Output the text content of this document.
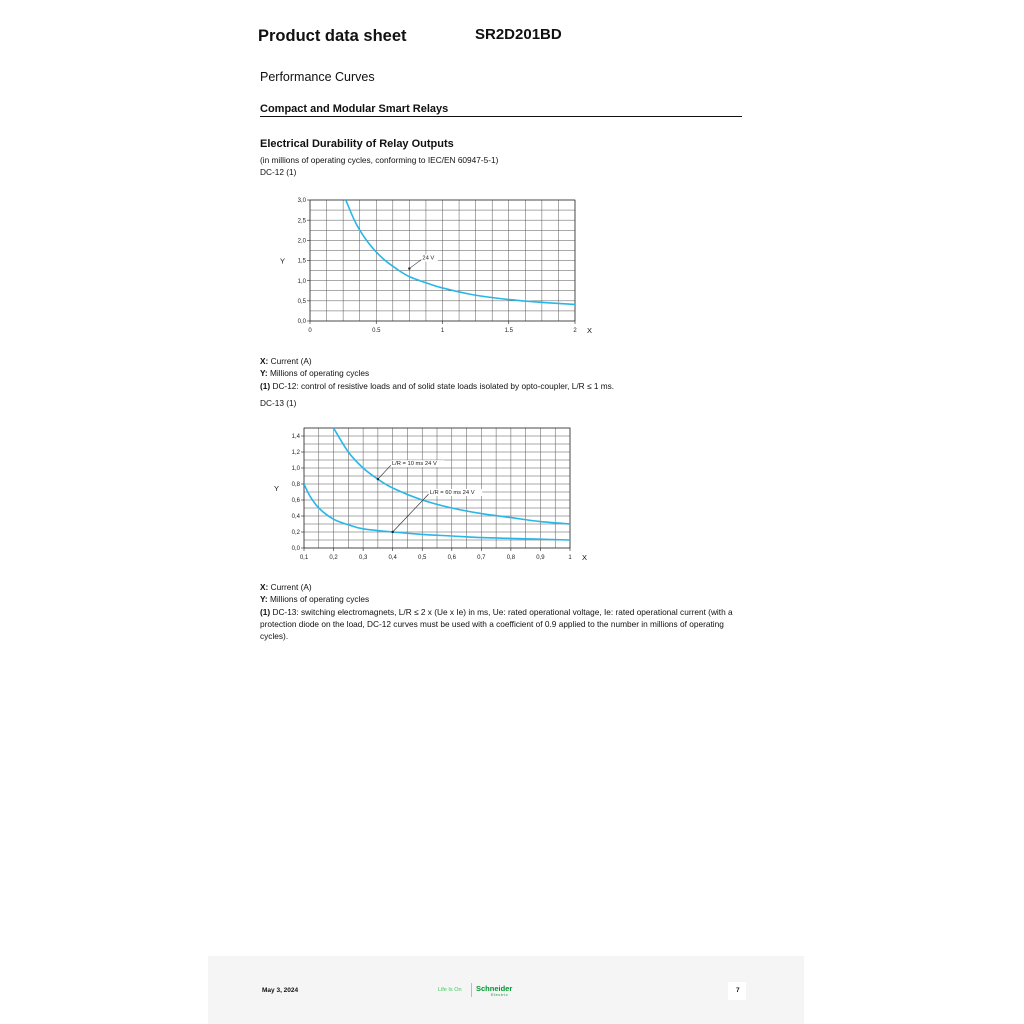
Product data sheet	SR2D201BD
Performance Curves
Compact and Modular Smart Relays
Electrical Durability of Relay Outputs
(in millions of operating cycles, conforming to IEC/EN 60947-5-1)
DC-12 (1)
0,0
0,5
1,0
1,5
2,0
2,5
3,0
0	0.5	1	1.5	2
24 V
X
Y
X: Current (A)
Y: Millions of operating cycles
(1) DC-12: control of resistive loads and of solid state loads isolated by opto-coupler, L/R ≤ 1 ms.
DC-13 (1)
0,0
0,2
0,4
0,6
0,8
1,0
1,2
1,4
0,1	0,2	0,3	0,4	0,5	0,6	0,7	0,8	0,9	1
L/R = 10 ms 24 V
L/R = 60 ms 24 V
X
Y
X: Current (A)
Y: Millions of operating cycles
(1) DC-13: switching electromagnets, L/R ≤ 2 x (Ue x Ie) in ms, Ue: rated operational voltage, Ie: rated operational current (with a protection diode on the load, DC-12 curves must be used with a coefficient of 0.9 applied to the number in millions of operating cycles).
May 3, 2024	Life Is On Schneider
Electric
7
